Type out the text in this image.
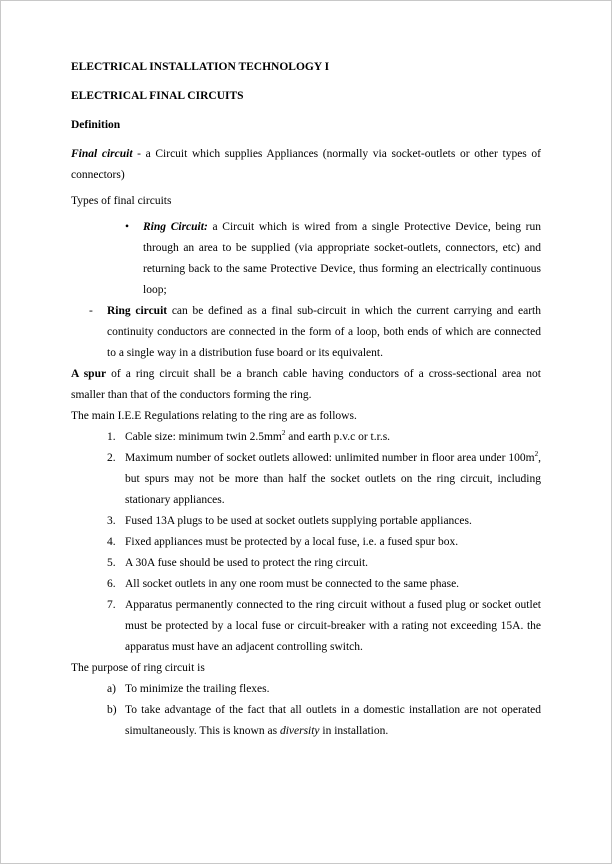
ELECTRICAL INSTALLATION TECHNOLOGY I

ELECTRICAL FINAL CIRCUITS

Definition

Final circuit - a Circuit which supplies Appliances (normally via socket-outlets or other types of connectors)

Types of final circuits

•	Ring Circuit: a Circuit which is wired from a single Protective Device, being run through an area to be supplied (via appropriate socket-outlets, connectors, etc) and returning back to the same Protective Device, thus forming an electrically continuous loop;
-	Ring circuit can be defined as a final sub-circuit in which the current carrying and earth continuity conductors are connected in the form of a loop, both ends of which are connected to a single way in a distribution fuse board or its equivalent.

A spur of a ring circuit shall be a branch cable having conductors of a cross-sectional area not smaller than that of the conductors forming the ring.

The main I.E.E Regulations relating to the ring are as follows.

1. Cable size: minimum twin $2.5mm^2$ and earth p.v.c or t.r.s.
2. Maximum number of socket outlets allowed: unlimited number in floor area under $100m^2$, but spurs may not be more than half the socket outlets on the ring circuit, including stationary appliances.
3. Fused 13A plugs to be used at socket outlets supplying portable appliances.
4. Fixed appliances must be protected by a local fuse, i.e. a fused spur box.
5. A 30A fuse should be used to protect the ring circuit.
6. All socket outlets in any one room must be connected to the same phase.
7. Apparatus permanently connected to the ring circuit without a fused plug or socket outlet must be protected by a local fuse or circuit-breaker with a rating not exceeding 15A. the apparatus must have an adjacent controlling switch.

The purpose of ring circuit is

a) To minimize the trailing flexes.
b) To take advantage of the fact that all outlets in a domestic installation are not operated simultaneously. This is known as diversity in installation.
